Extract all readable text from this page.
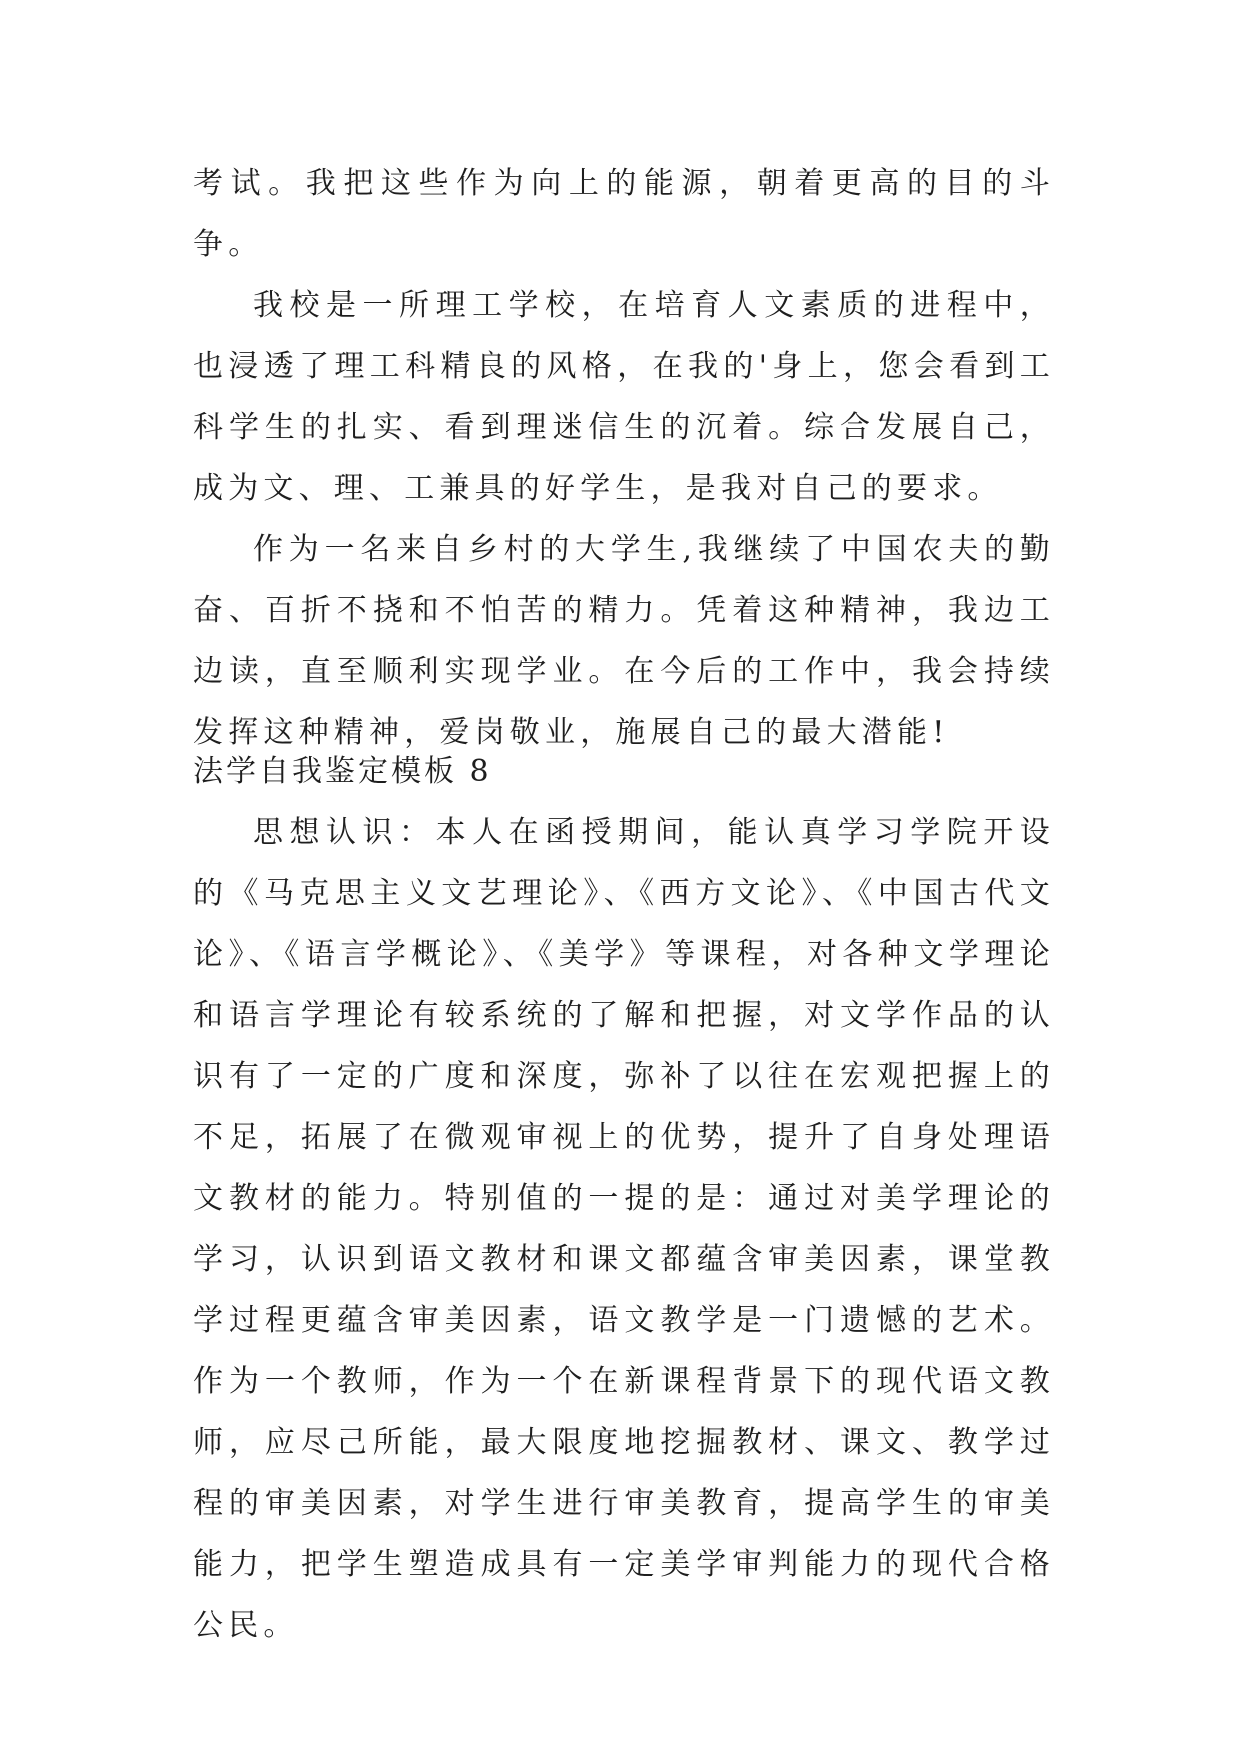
考试。我把这些作为向上的能源，朝着更高的目的斗争。

我校是一所理工学校，在培育人文素质的进程中，也浸透了理工科精良的风格，在我的'身上，您会看到工科学生的扎实、看到理迷信生的沉着。综合发展自己，成为文、理、工兼具的好学生，是我对自己的要求。

作为一名来自乡村的大学生,我继续了中国农夫的勤奋、百折不挠和不怕苦的精力。凭着这种精神，我边工边读，直至顺利实现学业。在今后的工作中，我会持续发挥这种精神，爱岗敬业，施展自己的最大潜能!

法学自我鉴定模板 8

思想认识：本人在函授期间，能认真学习学院开设的《马克思主义文艺理论》、《西方文论》、《中国古代文论》、《语言学概论》、《美学》等课程，对各种文学理论和语言学理论有较系统的了解和把握，对文学作品的认识有了一定的广度和深度，弥补了以往在宏观把握上的不足，拓展了在微观审视上的优势，提升了自身处理语文教材的能力。特别值的一提的是：通过对美学理论的学习，认识到语文教材和课文都蕴含审美因素，课堂教学过程更蕴含审美因素，语文教学是一门遗憾的艺术。作为一个教师，作为一个在新课程背景下的现代语文教师，应尽己所能，最大限度地挖掘教材、课文、教学过程的审美因素，对学生进行审美教育，提高学生的审美能力，把学生塑造成具有一定美学审判能力的现代合格公民。
